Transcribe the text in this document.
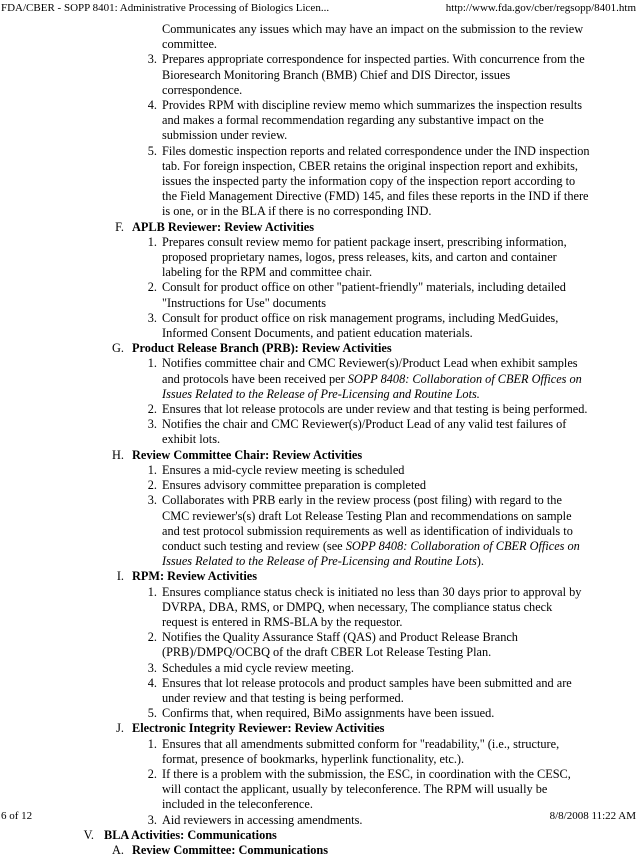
FDA/CBER - SOPP 8401: Administrative Processing of Biologics Licen...	http://www.fda.gov/cber/regsopp/8401.htm
Communicates any issues which may have an impact on the submission to the review committee.
3. Prepares appropriate correspondence for inspected parties. With concurrence from the Bioresearch Monitoring Branch (BMB) Chief and DIS Director, issues correspondence.
4. Provides RPM with discipline review memo which summarizes the inspection results and makes a formal recommendation regarding any substantive impact on the submission under review.
5. Files domestic inspection reports and related correspondence under the IND inspection tab. For foreign inspection, CBER retains the original inspection report and exhibits, issues the inspected party the information copy of the inspection report according to the Field Management Directive (FMD) 145, and files these reports in the IND if there is one, or in the BLA if there is no corresponding IND.
F. APLB Reviewer: Review Activities
1. Prepares consult review memo for patient package insert, prescribing information, proposed proprietary names, logos, press releases, kits, and carton and container labeling for the RPM and committee chair.
2. Consult for product office on other "patient-friendly" materials, including detailed "Instructions for Use" documents
3. Consult for product office on risk management programs, including MedGuides, Informed Consent Documents, and patient education materials.
G. Product Release Branch (PRB): Review Activities
1. Notifies committee chair and CMC Reviewer(s)/Product Lead when exhibit samples and protocols have been received per SOPP 8408: Collaboration of CBER Offices on Issues Related to the Release of Pre-Licensing and Routine Lots.
2. Ensures that lot release protocols are under review and that testing is being performed.
3. Notifies the chair and CMC Reviewer(s)/Product Lead of any valid test failures of exhibit lots.
H. Review Committee Chair: Review Activities
1. Ensures a mid-cycle review meeting is scheduled
2. Ensures advisory committee preparation is completed
3. Collaborates with PRB early in the review process (post filing) with regard to the CMC reviewer's(s) draft Lot Release Testing Plan and recommendations on sample and test protocol submission requirements as well as identification of individuals to conduct such testing and review (see SOPP 8408: Collaboration of CBER Offices on Issues Related to the Release of Pre-Licensing and Routine Lots).
I. RPM: Review Activities
1. Ensures compliance status check is initiated no less than 30 days prior to approval by DVRPA, DBA, RMS, or DMPQ, when necessary, The compliance status check request is entered in RMS-BLA by the requestor.
2. Notifies the Quality Assurance Staff (QAS) and Product Release Branch (PRB)/DMPQ/OCBQ of the draft CBER Lot Release Testing Plan.
3. Schedules a mid cycle review meeting.
4. Ensures that lot release protocols and product samples have been submitted and are under review and that testing is being performed.
5. Confirms that, when required, BiMo assignments have been issued.
J. Electronic Integrity Reviewer: Review Activities
1. Ensures that all amendments submitted conform for "readability," (i.e., structure, format, presence of bookmarks, hyperlink functionality, etc.).
2. If there is a problem with the submission, the ESC, in coordination with the CESC, will contact the applicant, usually by teleconference. The RPM will usually be included in the teleconference.
3. Aid reviewers in accessing amendments.
V. BLA Activities: Communications
A. Review Committee: Communications
6 of 12	8/8/2008 11:22 AM
